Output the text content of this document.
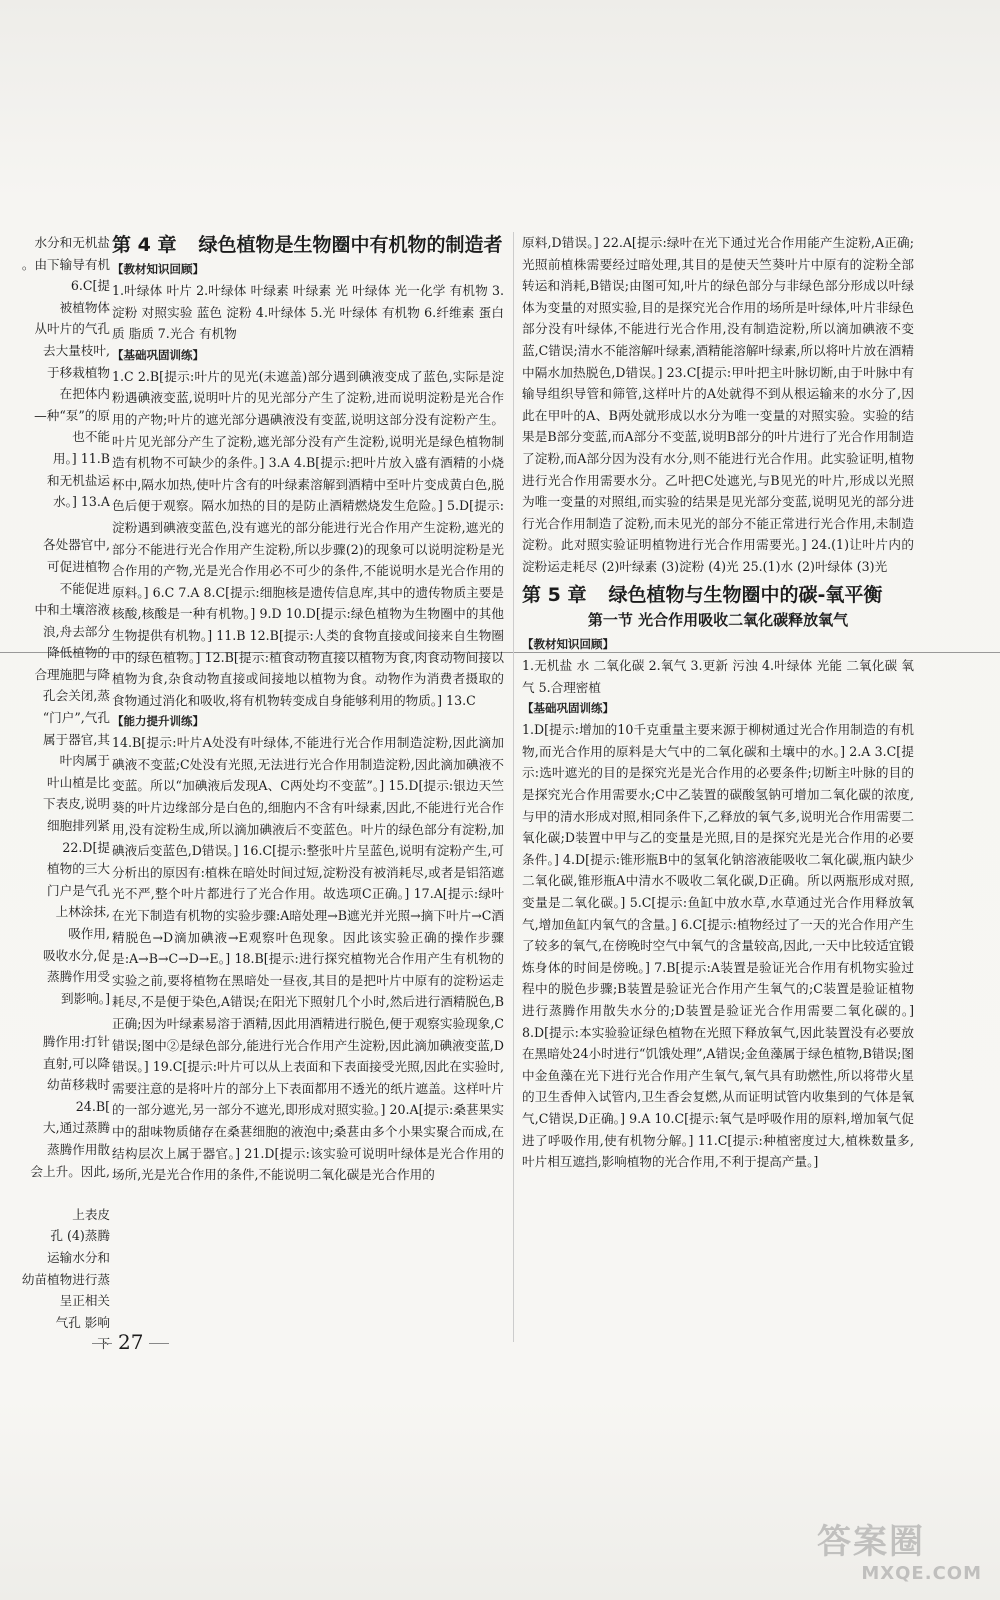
水分和无机盐

。由下输导有机

6.C[提

被植物体

从叶片的气孔

去大量枝叶,

于移栽植物

在把体内

—种“泵”的原

也不能

用。] 11.B

和无机盐运

水。] 13.A

各处器官中,

可促进植物

不能促进

中和土壤溶液

浪,舟去部分

降低植物的

合理施肥与降

孔会关闭,蒸

“门户”,气孔

属于器官,其

叶肉属于

叶山植是比

下表皮,说明

细胞排列紧

22.D[提

植物的三大

门户是气孔

上林涂抹,

吸作用,

吸收水分,促

蒸腾作用受

到影响。]

腾作用:打针

直射,可以降

幼苗移栽时

24.B[

大,通过蒸腾

蒸腾作用散

会上升。因此,

上表皮

孔 (4)蒸腾

运输水分和

幼苗植物进行蒸

呈正相关

气孔 影响

下

第 4 章 绿色植物是生物圈中有机物的制造者
【教材知识回顾】

1.叶绿体 叶片 2.叶绿体 叶绿素 叶绿素 光 叶绿体 光一化学 有机物 3.淀粉 对照实验 蓝色 淀粉 4.叶绿体 5.光 叶绿体 有机物 6.纤维素 蛋白质 脂质 7.光合 有机物

【基础巩固训练】

1.C 2.B[提示:叶片的见光(未遮盖)部分遇到碘液变成了蓝色,实际是淀粉遇碘液变蓝,说明叶片的见光部分产生了淀粉,进而说明淀粉是光合作用的产物;叶片的遮光部分遇碘液没有变蓝,说明这部分没有淀粉产生。叶片见光部分产生了淀粉,遮光部分没有产生淀粉,说明光是绿色植物制造有机物不可缺少的条件。] 3.A 4.B[提示:把叶片放入盛有酒精的小烧杯中,隔水加热,使叶片含有的叶绿素溶解到酒精中至叶片变成黄白色,脱色后便于观察。隔水加热的目的是防止酒精燃烧发生危险。] 5.D[提示:淀粉遇到碘液变蓝色,没有遮光的部分能进行光合作用产生淀粉,遮光的部分不能进行光合作用产生淀粉,所以步骤(2)的现象可以说明淀粉是光合作用的产物,光是光合作用必不可少的条件,不能说明水是光合作用的原料。] 6.C 7.A 8.C[提示:细胞核是遗传信息库,其中的遗传物质主要是核酸,核酸是一种有机物。] 9.D 10.D[提示:绿色植物为生物圈中的其他生物提供有机物。] 11.B 12.B[提示:人类的食物直接或间接来自生物圈中的绿色植物。] 12.B[提示:植食动物直接以植物为食,肉食动物间接以植物为食,杂食动物直接或间接地以植物为食。动物作为消费者摄取的食物通过消化和吸收,将有机物转变成自身能够利用的物质。] 13.C

【能力提升训练】

14.B[提示:叶片A处没有叶绿体,不能进行光合作用制造淀粉,因此滴加碘液不变蓝;C处没有光照,无法进行光合作用制造淀粉,因此滴加碘液不变蓝。所以“加碘液后发现A、C两处均不变蓝”。] 15.D[提示:银边天竺葵的叶片边缘部分是白色的,细胞内不含有叶绿素,因此,不能进行光合作用,没有淀粉生成,所以滴加碘液后不变蓝色。叶片的绿色部分有淀粉,加碘液后变蓝色,D错误。] 16.C[提示:整张叶片呈蓝色,说明有淀粉产生,可分析出的原因有:植株在暗处时间过短,淀粉没有被消耗尽,或者是铝箔遮光不严,整个叶片都进行了光合作用。故选项C正确。] 17.A[提示:绿叶在光下制造有机物的实验步骤:A暗处理→B遮光并光照→摘下叶片→C酒精脱色→D滴加碘液→E观察叶色现象。因此该实验正确的操作步骤是:A→B→C→D→E。] 18.B[提示:进行探究植物光合作用产生有机物的实验之前,要将植物在黑暗处一昼夜,其目的是把叶片中原有的淀粉运走耗尽,不是便于染色,A错误;在阳光下照射几个小时,然后进行酒精脱色,B正确;因为叶绿素易溶于酒精,因此用酒精进行脱色,便于观察实验现象,C错误;图中②是绿色部分,能进行光合作用产生淀粉,因此滴加碘液变蓝,D错误。] 19.C[提示:叶片可以从上表面和下表面接受光照,因此在实验时,需要注意的是将叶片的部分上下表面都用不透光的纸片遮盖。这样叶片的一部分遮光,另一部分不遮光,即形成对照实验。] 20.A[提示:桑葚果实中的甜味物质储存在桑葚细胞的液泡中;桑葚由多个小果实聚合而成,在结构层次上属于器官。] 21.D[提示:该实验可说明叶绿体是光合作用的场所,光是光合作用的条件,不能说明二氧化碳是光合作用的

原料,D错误。] 22.A[提示:绿叶在光下通过光合作用能产生淀粉,A正确;光照前植株需要经过暗处理,其目的是使天竺葵叶片中原有的淀粉全部转运和消耗,B错误;由图可知,叶片的绿色部分与非绿色部分形成以叶绿体为变量的对照实验,目的是探究光合作用的场所是叶绿体,叶片非绿色部分没有叶绿体,不能进行光合作用,没有制造淀粉,所以滴加碘液不变蓝,C错误;清水不能溶解叶绿素,酒精能溶解叶绿素,所以将叶片放在酒精中隔水加热脱色,D错误。] 23.C[提示:甲叶把主叶脉切断,由于叶脉中有输导组织导管和筛管,这样叶片的A处就得不到从根运输来的水分了,因此在甲叶的A、B两处就形成以水分为唯一变量的对照实验。实验的结果是B部分变蓝,而A部分不变蓝,说明B部分的叶片进行了光合作用制造了淀粉,而A部分因为没有水分,则不能进行光合作用。此实验证明,植物进行光合作用需要水分。乙叶把C处遮光,与B见光的叶片,形成以光照为唯一变量的对照组,而实验的结果是见光部分变蓝,说明见光的部分进行光合作用制造了淀粉,而未见光的部分不能正常进行光合作用,未制造淀粉。此对照实验证明植物进行光合作用需要光。] 24.(1)让叶片内的淀粉运走耗尽 (2)叶绿素 (3)淀粉 (4)光 25.(1)水 (2)叶绿体 (3)光

第 5 章 绿色植物与生物圈中的碳-氧平衡
第一节 光合作用吸收二氧化碳释放氧气
【教材知识回顾】

1.无机盐 水 二氧化碳 2.氧气 3.更新 污浊 4.叶绿体 光能 二氧化碳 氧气 5.合理密植

【基础巩固训练】

1.D[提示:增加的10千克重量主要来源于柳树通过光合作用制造的有机物,而光合作用的原料是大气中的二氧化碳和土壤中的水。] 2.A 3.C[提示:选叶遮光的目的是探究光是光合作用的必要条件;切断主叶脉的目的是探究光合作用需要水;C中乙装置的碳酸氢钠可增加二氧化碳的浓度,与甲的清水形成对照,相同条件下,乙释放的氧气多,说明光合作用需要二氧化碳;D装置中甲与乙的变量是光照,目的是探究光是光合作用的必要条件。] 4.D[提示:锥形瓶B中的氢氧化钠溶液能吸收二氧化碳,瓶内缺少二氧化碳,锥形瓶A中清水不吸收二氧化碳,D正确。所以两瓶形成对照,变量是二氧化碳。] 5.C[提示:鱼缸中放水草,水草通过光合作用释放氧气,增加鱼缸内氧气的含量。] 6.C[提示:植物经过了一天的光合作用产生了较多的氧气,在傍晚时空气中氧气的含量较高,因此,一天中比较适宜锻炼身体的时间是傍晚。] 7.B[提示:A装置是验证光合作用有机物实验过程中的脱色步骤;B装置是验证光合作用产生氧气的;C装置是验证植物进行蒸腾作用散失水分的;D装置是验证光合作用需要二氧化碳的。] 8.D[提示:本实验验证绿色植物在光照下释放氧气,因此装置没有必要放在黑暗处24小时进行“饥饿处理”,A错误;金鱼藻属于绿色植物,B错误;图中金鱼藻在光下进行光合作用产生氧气,氧气具有助燃性,所以将带火星的卫生香伸入试管内,卫生香会复燃,从而证明试管内收集到的气体是氧气,C错误,D正确。] 9.A 10.C[提示:氧气是呼吸作用的原料,增加氧气促进了呼吸作用,使有机物分解。] 11.C[提示:种植密度过大,植株数量多,叶片相互遮挡,影响植物的光合作用,不利于提高产量。]

27
答案圈
MXQE.COM
